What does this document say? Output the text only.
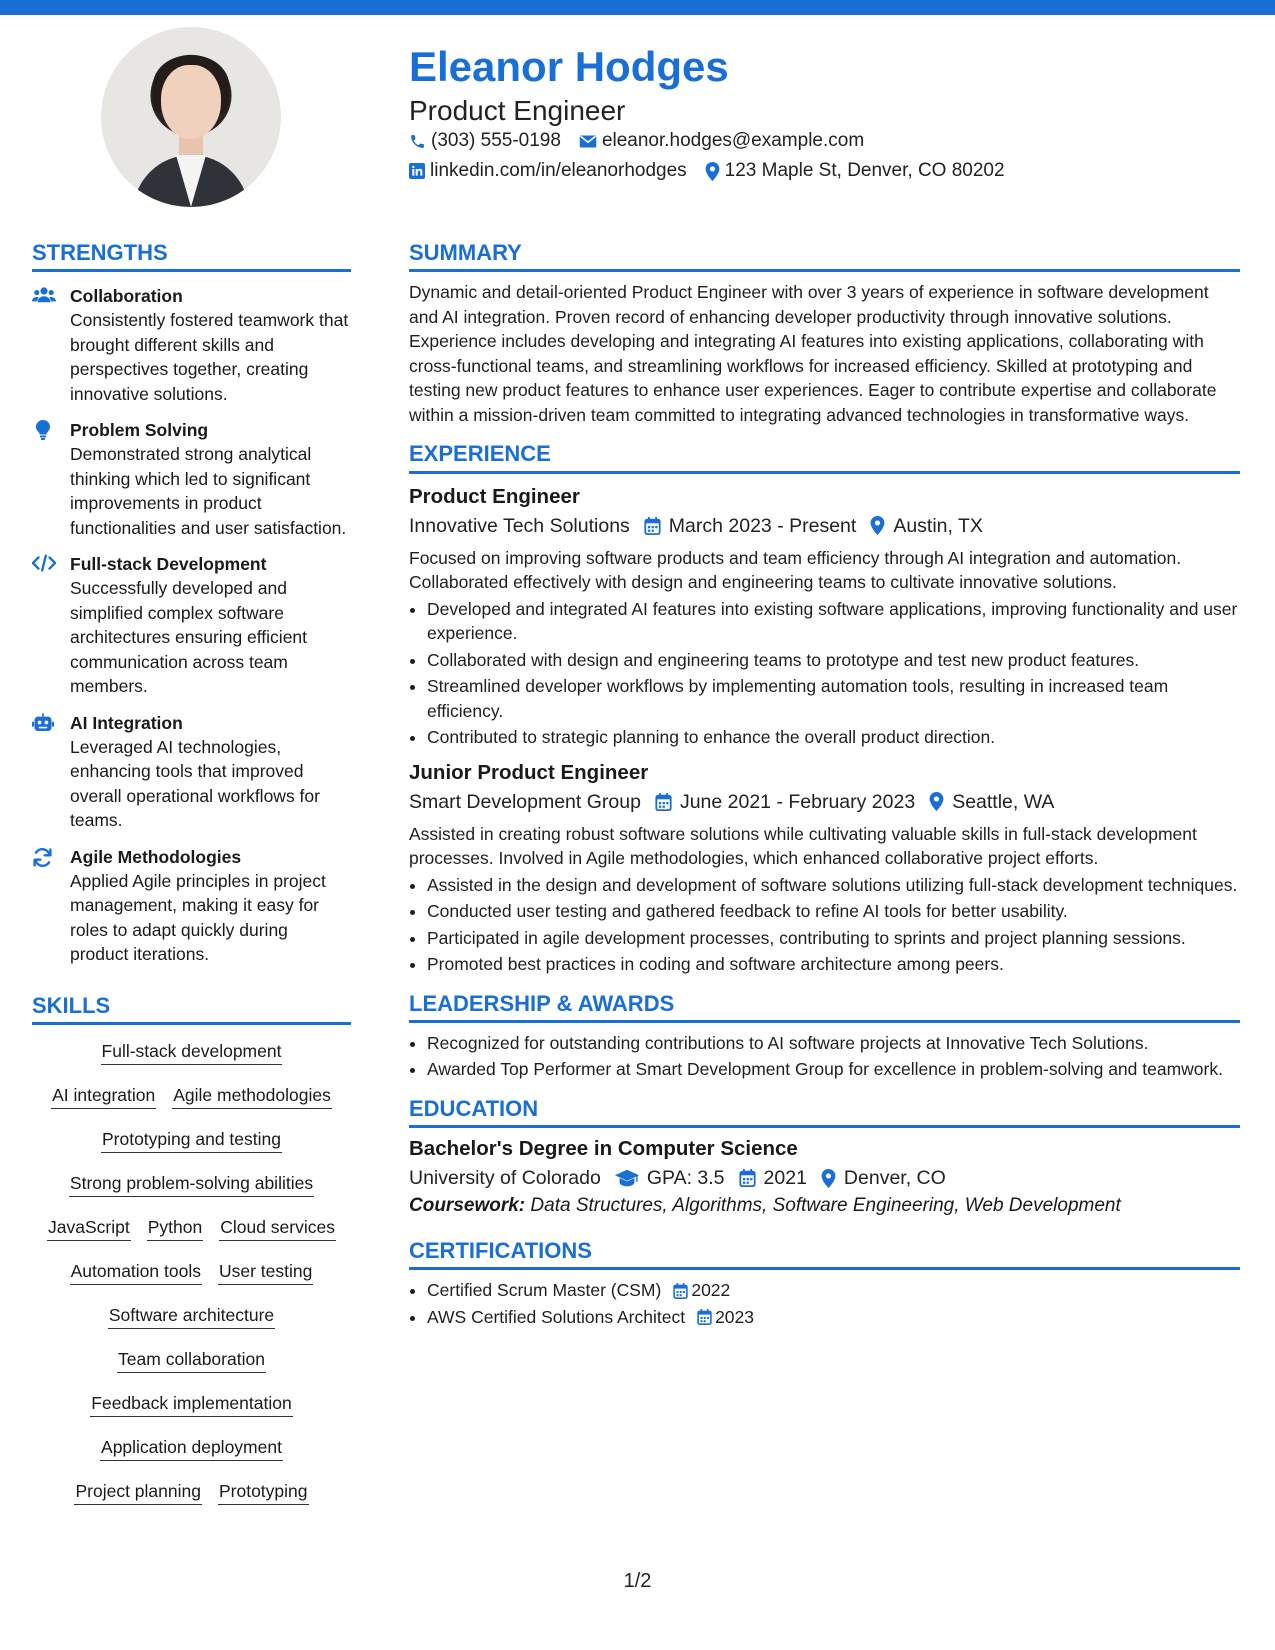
Eleanor Hodges
Product Engineer
(303) 555-0198 eleanor.hodges@example.com
linkedin.com/in/eleanorhodges 123 Maple St, Denver, CO 80202
STRENGTHS
Collaboration
Consistently fostered teamwork that brought different skills and perspectives together, creating innovative solutions.
Problem Solving
Demonstrated strong analytical thinking which led to significant improvements in product functionalities and user satisfaction.
Full-stack Development
Successfully developed and simplified complex software architectures ensuring efficient communication across team members.
AI Integration
Leveraged AI technologies, enhancing tools that improved overall operational workflows for teams.
Agile Methodologies
Applied Agile principles in project management, making it easy for roles to adapt quickly during product iterations.
SKILLS
Full-stack development
AI integration Agile methodologies
Prototyping and testing
Strong problem-solving abilities
JavaScript Python Cloud services
Automation tools User testing
Software architecture
Team collaboration
Feedback implementation
Application deployment
Project planning Prototyping
SUMMARY

Dynamic and detail-oriented Product Engineer with over 3 years of experience in software development and AI integration. Proven record of enhancing developer productivity through innovative solutions. Experience includes developing and integrating AI features into existing applications, collaborating with cross-functional teams, and streamlining workflows for increased efficiency. Skilled at prototyping and testing new product features to enhance user experiences. Eager to contribute expertise and collaborate within a mission-driven team committed to integrating advanced technologies in transformative ways.

EXPERIENCE
Product Engineer
Innovative Tech Solutions March 2023 - Present Austin, TX

Focused on improving software products and team efficiency through AI integration and automation. Collaborated effectively with design and engineering teams to cultivate innovative solutions.

• Developed and integrated AI features into existing software applications, improving functionality and user experience.
• Collaborated with design and engineering teams to prototype and test new product features.
• Streamlined developer workflows by implementing automation tools, resulting in increased team efficiency.
• Contributed to strategic planning to enhance the overall product direction.
Junior Product Engineer
Smart Development Group June 2021 - February 2023 Seattle, WA

Assisted in creating robust software solutions while cultivating valuable skills in full-stack development processes. Involved in Agile methodologies, which enhanced collaborative project efforts.

• Assisted in the design and development of software solutions utilizing full-stack development techniques.
• Conducted user testing and gathered feedback to refine AI tools for better usability.
• Participated in agile development processes, contributing to sprints and project planning sessions.
• Promoted best practices in coding and software architecture among peers.
LEADERSHIP & AWARDS
• Recognized for outstanding contributions to AI software projects at Innovative Tech Solutions.
• Awarded Top Performer at Smart Development Group for excellence in problem-solving and teamwork.
EDUCATION
Bachelor's Degree in Computer Science
University of Colorado GPA: 3.5 2021 Denver, CO
Coursework: Data Structures, Algorithms, Software Engineering, Web Development
CERTIFICATIONS
• Certified Scrum Master (CSM) 2022
• AWS Certified Solutions Architect 2023
1/2
